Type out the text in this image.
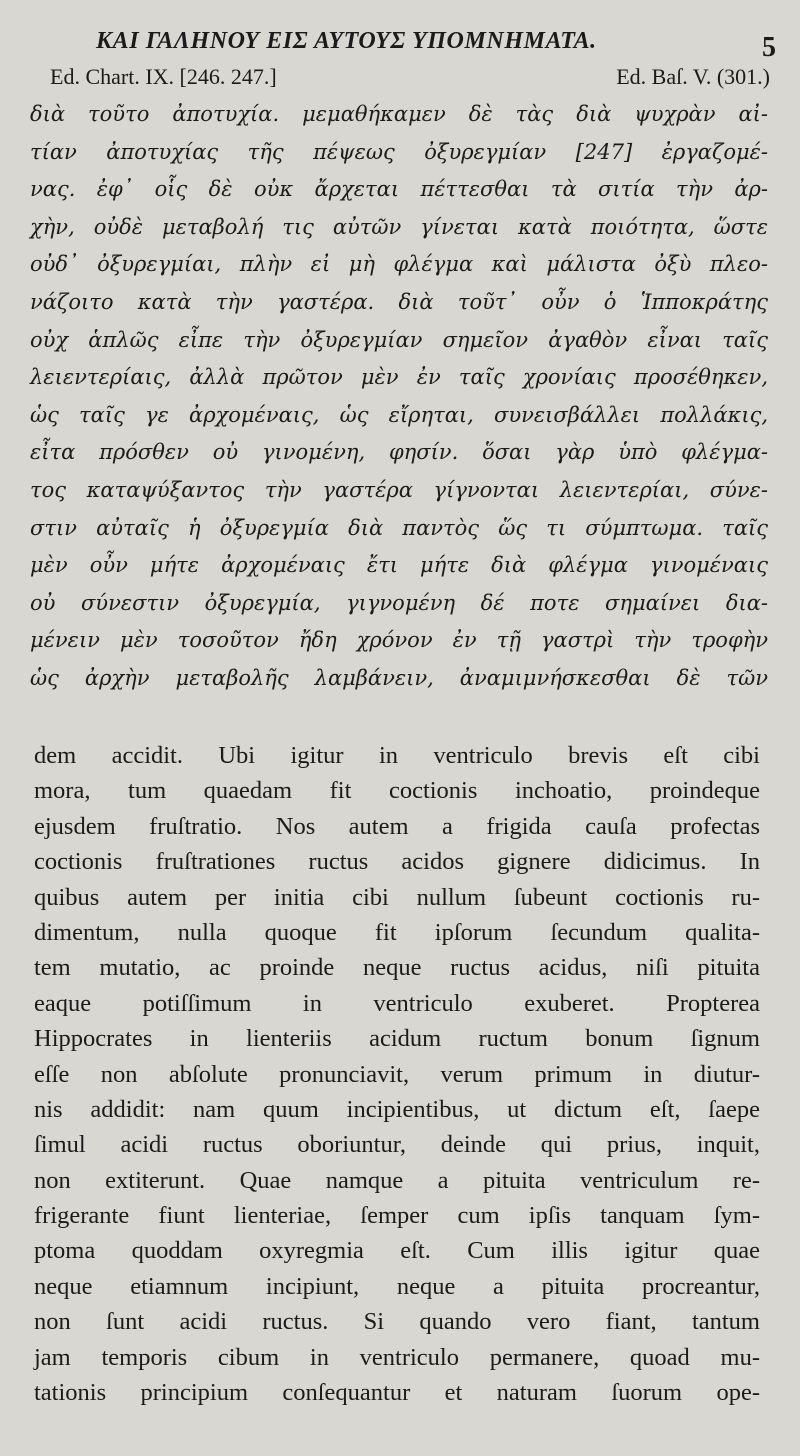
ΚΑΙ ΓΑΛΗΝΟΥ ΕΙΣ ΑΥΤΟΥΣ ΥΠΟΜΝΗΜΑΤΑ.	5
Ed. Chart. IX. [246. 247.]	Ed. Baſ. V. (301.)
διὰ τοῦτο ἀποτυχία. μεμαθήκαμεν δὲ τὰς διὰ ψυχρὰν αἰ-
τίαν ἀποτυχίας τῆς πέψεως ὀξυρεγμίαν [247] ἐργαζομέ-
νας. ἐφ᾽ οἷς δὲ οὐκ ἄρχεται πέττεσθαι τὰ σιτία τὴν ἀρ-
χὴν, οὐδὲ μεταβολή τις αὐτῶν γίνεται κατὰ ποιότητα, ὥστε
οὐδ᾽ ὀξυρεγμίαι, πλὴν εἰ μὴ φλέγμα καὶ μάλιστα ὀξὺ πλεο-
νάζοιτο κατὰ τὴν γαστέρα. διὰ τοῦτ᾽ οὖν ὁ Ἱπποκράτης
οὐχ ἁπλῶς εἶπε τὴν ὀξυρεγμίαν σημεῖον ἀγαθὸν εἶναι ταῖς
λειεντερίαις, ἀλλὰ πρῶτον μὲν ἐν ταῖς χρονίαις προσέθηκεν,
ὡς ταῖς γε ἀρχομέναις, ὡς εἴρηται, συνεισβάλλει πολλάκις,
εἶτα πρόσθεν οὐ γινομένη, φησίν. ὅσαι γὰρ ὑπὸ φλέγμα-
τος καταψύξαντος τὴν γαστέρα γίγνονται λειεντερίαι, σύνε-
στιν αὐταῖς ἡ ὀξυρεγμία διὰ παντὸς ὥς τι σύμπτωμα. ταῖς
μὲν οὖν μήτε ἀρχομέναις ἔτι μήτε διὰ φλέγμα γινομέναις
οὐ σύνεστιν ὀξυρεγμία, γιγνομένη δέ ποτε σημαίνει δια-
μένειν μὲν τοσοῦτον ἤδη χρόνον ἐν τῇ γαστρὶ τὴν τροφὴν
ὡς ἀρχὴν μεταβολῆς λαμβάνειν, ἀναμιμνήσκεσθαι δὲ τῶν
dem accidit. Ubi igitur in ventriculo brevis eſt cibi
mora, tum quaedam fit coctionis inchoatio, proindeque
ejusdem fruſtratio. Nos autem a frigida cauſa profectas
coctionis fruſtrationes ructus acidos gignere didicimus. In
quibus autem per initia cibi nullum ſubeunt coctionis ru-
dimentum, nulla quoque fit ipſorum ſecundum qualita-
tem mutatio, ac proinde neque ructus acidus, niſi pituita
eaque potiſſimum in ventriculo exuberet. Propterea
Hippocrates in lienteriis acidum ructum bonum ſignum
eſſe non abſolute pronunciavit, verum primum in diutur-
nis addidit: nam quum incipientibus, ut dictum eſt, ſaepe
ſimul acidi ructus oboriuntur, deinde qui prius, inquit,
non extiterunt. Quae namque a pituita ventriculum re-
frigerante fiunt lienteriae, ſemper cum ipſis tanquam ſym-
ptoma quoddam oxyregmia eſt. Cum illis igitur quae
neque etiamnum incipiunt, neque a pituita procreantur,
non ſunt acidi ructus. Si quando vero fiant, tantum
jam temporis cibum in ventriculo permanere, quoad mu-
tationis principium conſequantur et naturam ſuorum ope-
